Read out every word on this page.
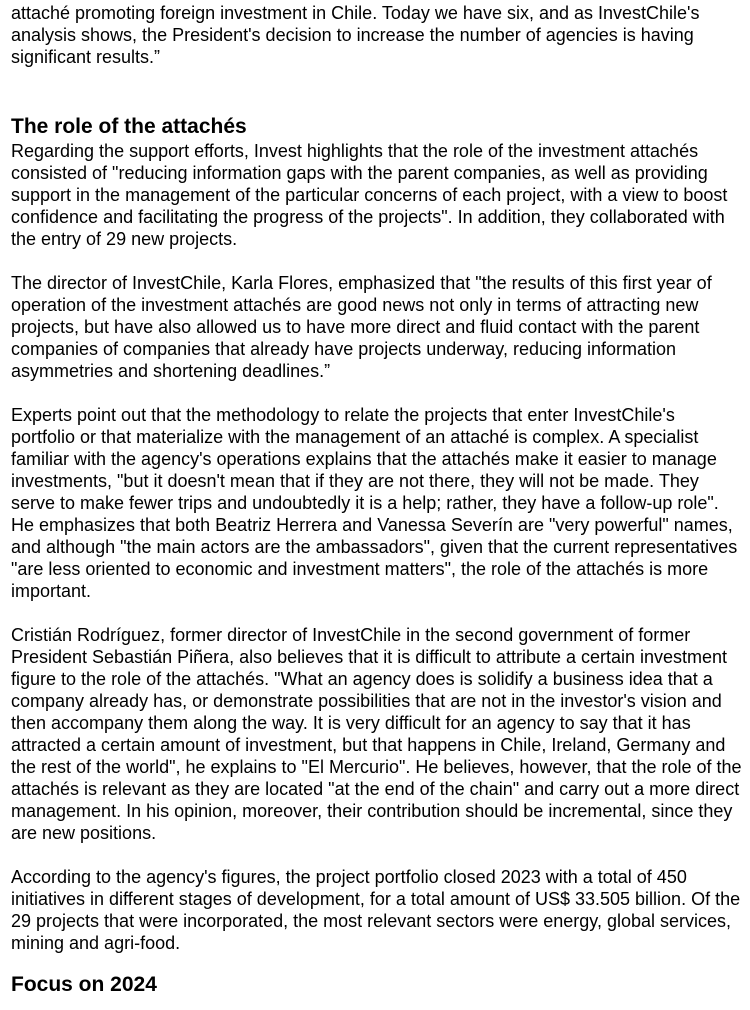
attaché promoting foreign investment in Chile. Today we have six, and as InvestChile's analysis shows, the President's decision to increase the number of agencies is having significant results.”

The role of the attachés

Regarding the support efforts, Invest highlights that the role of the investment attachés consisted of "reducing information gaps with the parent companies, as well as providing support in the management of the particular concerns of each project, with a view to boost confidence and facilitating the progress of the projects". In addition, they collaborated with the entry of 29 new projects.

The director of InvestChile, Karla Flores, emphasized that "the results of this first year of operation of the investment attachés are good news not only in terms of attracting new projects, but have also allowed us to have more direct and fluid contact with the parent companies of companies that already have projects underway, reducing information asymmetries and shortening deadlines.”

Experts point out that the methodology to relate the projects that enter InvestChile's portfolio or that materialize with the management of an attaché is complex. A specialist familiar with the agency's operations explains that the attachés make it easier to manage investments, "but it doesn't mean that if they are not there, they will not be made. They serve to make fewer trips and undoubtedly it is a help; rather, they have a follow-up role". He emphasizes that both Beatriz Herrera and Vanessa Severín are "very powerful" names, and although "the main actors are the ambassadors", given that the current representatives "are less oriented to economic and investment matters", the role of the attachés is more important.

Cristián Rodríguez, former director of InvestChile in the second government of former President Sebastián Piñera, also believes that it is difficult to attribute a certain investment figure to the role of the attachés. "What an agency does is solidify a business idea that a company already has, or demonstrate possibilities that are not in the investor's vision and then accompany them along the way. It is very difficult for an agency to say that it has attracted a certain amount of investment, but that happens in Chile, Ireland, Germany and the rest of the world", he explains to "El Mercurio". He believes, however, that the role of the attachés is relevant as they are located "at the end of the chain" and carry out a more direct management. In his opinion, moreover, their contribution should be incremental, since they are new positions.

According to the agency's figures, the project portfolio closed 2023 with a total of 450 initiatives in different stages of development, for a total amount of US$ 33.505 billion. Of the 29 projects that were incorporated, the most relevant sectors were energy, global services, mining and agri-food.

Focus on 2024
